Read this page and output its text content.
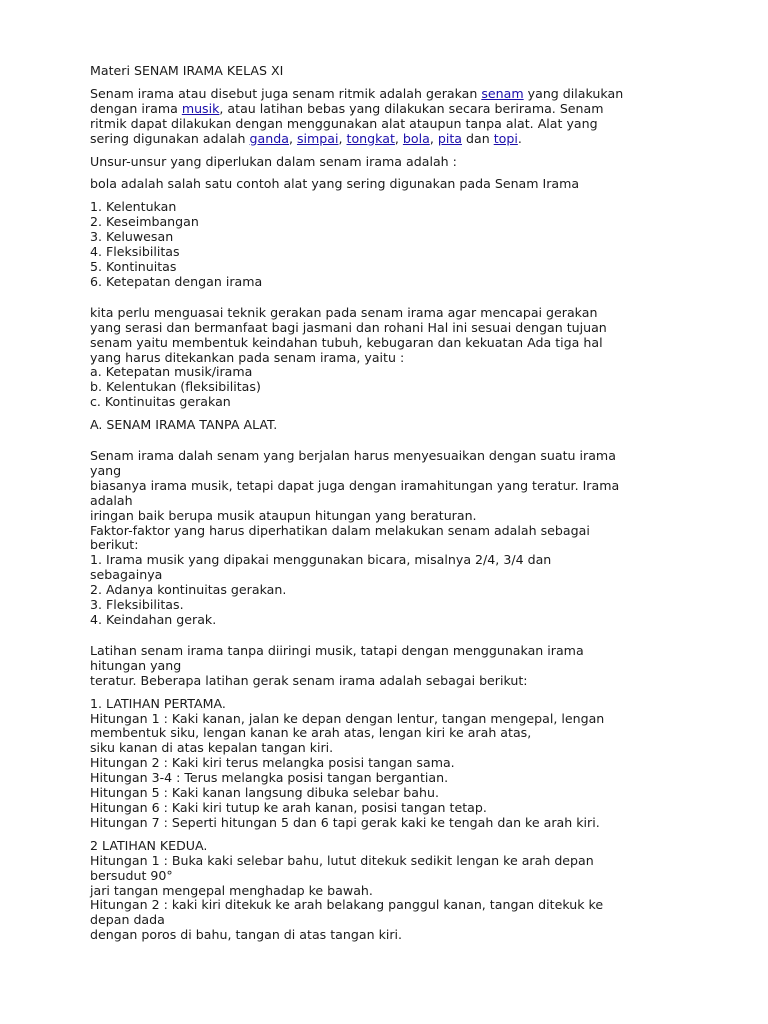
Materi SENAM IRAMA KELAS XI
Senam irama atau disebut juga senam ritmik adalah gerakan senam yang dilakukan
dengan irama musik, atau latihan bebas yang dilakukan secara berirama. Senam
ritmik dapat dilakukan dengan menggunakan alat ataupun tanpa alat. Alat yang
sering digunakan adalah ganda, simpai, tongkat, bola, pita dan topi.
Unsur-unsur yang diperlukan dalam senam irama adalah :
bola adalah salah satu contoh alat yang sering digunakan pada Senam Irama
1. Kelentukan
2. Keseimbangan
3. Keluwesan
4. Fleksibilitas
5. Kontinuitas
6. Ketepatan dengan irama
kita perlu menguasai teknik gerakan pada senam irama agar mencapai gerakan
yang serasi dan bermanfaat bagi jasmani dan rohani Hal ini sesuai dengan tujuan
senam yaitu membentuk keindahan tubuh, kebugaran dan kekuatan Ada tiga hal
yang harus ditekankan pada senam irama, yaitu :
a. Ketepatan musik/irama
b. Kelentukan (fleksibilitas)
c. Kontinuitas gerakan
A. SENAM IRAMA TANPA ALAT.
Senam irama dalah senam yang berjalan harus menyesuaikan dengan suatu irama
yang
biasanya irama musik, tetapi dapat juga dengan iramahitungan yang teratur. Irama
adalah
iringan baik berupa musik ataupun hitungan yang beraturan.
Faktor-faktor yang harus diperhatikan dalam melakukan senam adalah sebagai
berikut:
1. Irama musik yang dipakai menggunakan bicara, misalnya 2/4, 3/4 dan
sebagainya
2. Adanya kontinuitas gerakan.
3. Fleksibilitas.
4. Keindahan gerak.
Latihan senam irama tanpa diiringi musik, tatapi dengan menggunakan irama
hitungan yang
teratur. Beberapa latihan gerak senam irama adalah sebagai berikut:
1. LATIHAN PERTAMA.
Hitungan 1 : Kaki kanan, jalan ke depan dengan lentur, tangan mengepal, lengan
membentuk siku, lengan kanan ke arah atas, lengan kiri ke arah atas,
siku kanan di atas kepalan tangan kiri.
Hitungan 2 : Kaki kiri terus melangka posisi tangan sama.
Hitungan 3-4 : Terus melangka posisi tangan bergantian.
Hitungan 5 : Kaki kanan langsung dibuka selebar bahu.
Hitungan 6 : Kaki kiri tutup ke arah kanan, posisi tangan tetap.
Hitungan 7 : Seperti hitungan 5 dan 6 tapi gerak kaki ke tengah dan ke arah kiri.
2 LATIHAN KEDUA.
Hitungan 1 : Buka kaki selebar bahu, lutut ditekuk sedikit lengan ke arah depan
bersudut 90°
jari tangan mengepal menghadap ke bawah.
Hitungan 2 : kaki kiri ditekuk ke arah belakang panggul kanan, tangan ditekuk ke
depan dada
dengan poros di bahu, tangan di atas tangan kiri.
